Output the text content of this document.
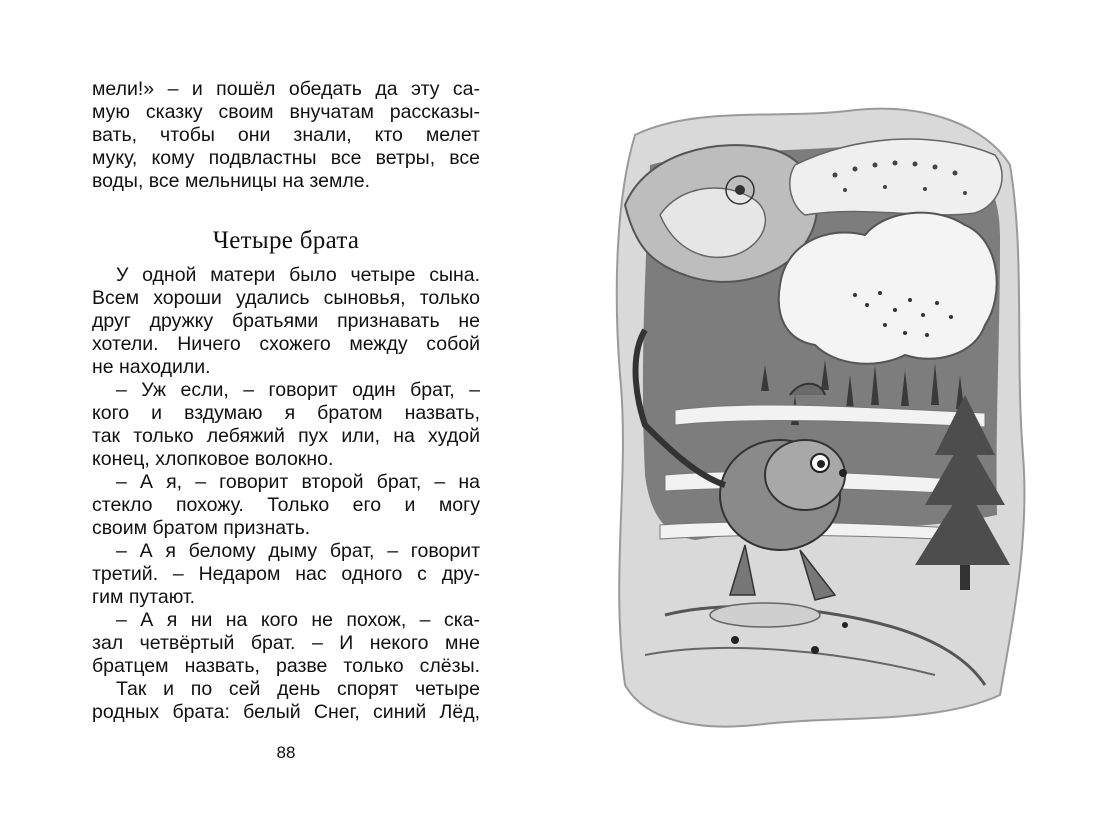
мели!» – и пошёл обедать да эту са-
мую сказку своим внучатам рассказы-
вать, чтобы они знали, кто мелет
муку, кому подвластны все ветры, все
воды, все мельницы на земле.
Четыре брата
У одной матери было четыре сына.
Всем хороши удались сыновья, только
друг дружку братьями признавать не
хотели. Ничего схожего между собой
не находили.
– Уж если, – говорит один брат, –
кого и вздумаю я братом назвать,
так только лебяжий пух или, на худой
конец, хлопковое волокно.
– А я, – говорит второй брат, – на
стекло похожу. Только его и могу
своим братом признать.
– А я белому дыму брат, – говорит
третий. – Недаром нас одного с дру-
гим путают.
– А я ни на кого не похож, – ска-
зал четвёртый брат. – И некого мне
братцем назвать, разве только слёзы.
Так и по сей день спорят четыре
родных брата: белый Снег, синий Лёд,
88
